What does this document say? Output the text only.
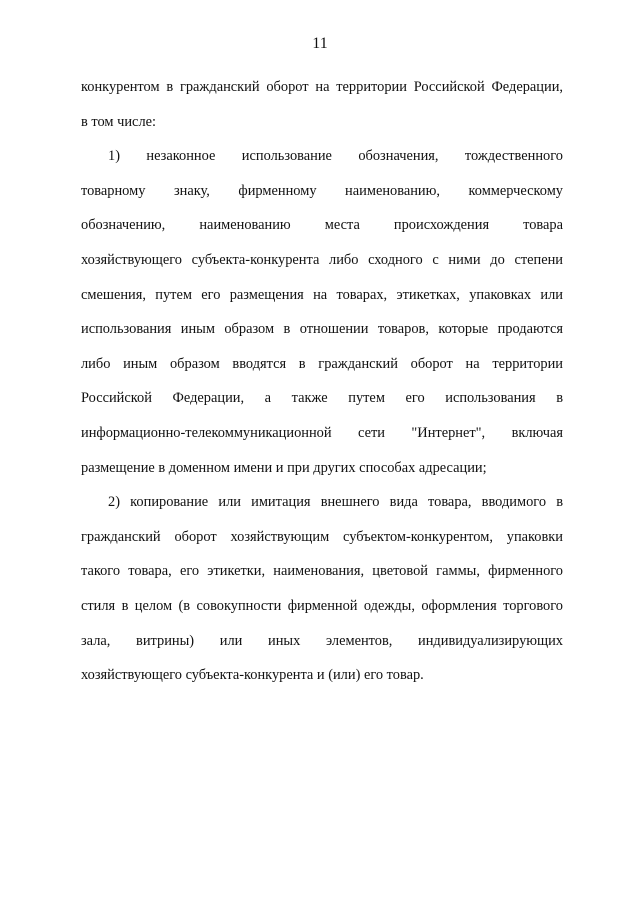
11
конкурентом в гражданский оборот на территории Российской Федерации,
в том числе:
1) незаконное использование обозначения, тождественного
товарному знаку, фирменному наименованию, коммерческому
обозначению, наименованию места происхождения товара
хозяйствующего субъекта-конкурента либо сходного с ними до степени
смешения, путем его размещения на товарах, этикетках, упаковках или
использования иным образом в отношении товаров, которые продаются
либо иным образом вводятся в гражданский оборот на территории
Российской Федерации, а также путем его использования в
информационно-телекоммуникационной сети "Интернет", включая
размещение в доменном имени и при других способах адресации;
2) копирование или имитация внешнего вида товара, вводимого в
гражданский оборот хозяйствующим субъектом-конкурентом, упаковки
такого товара, его этикетки, наименования, цветовой гаммы, фирменного
стиля в целом (в совокупности фирменной одежды, оформления торгового
зала, витрины) или иных элементов, индивидуализирующих
хозяйствующего субъекта-конкурента и (или) его товар.
